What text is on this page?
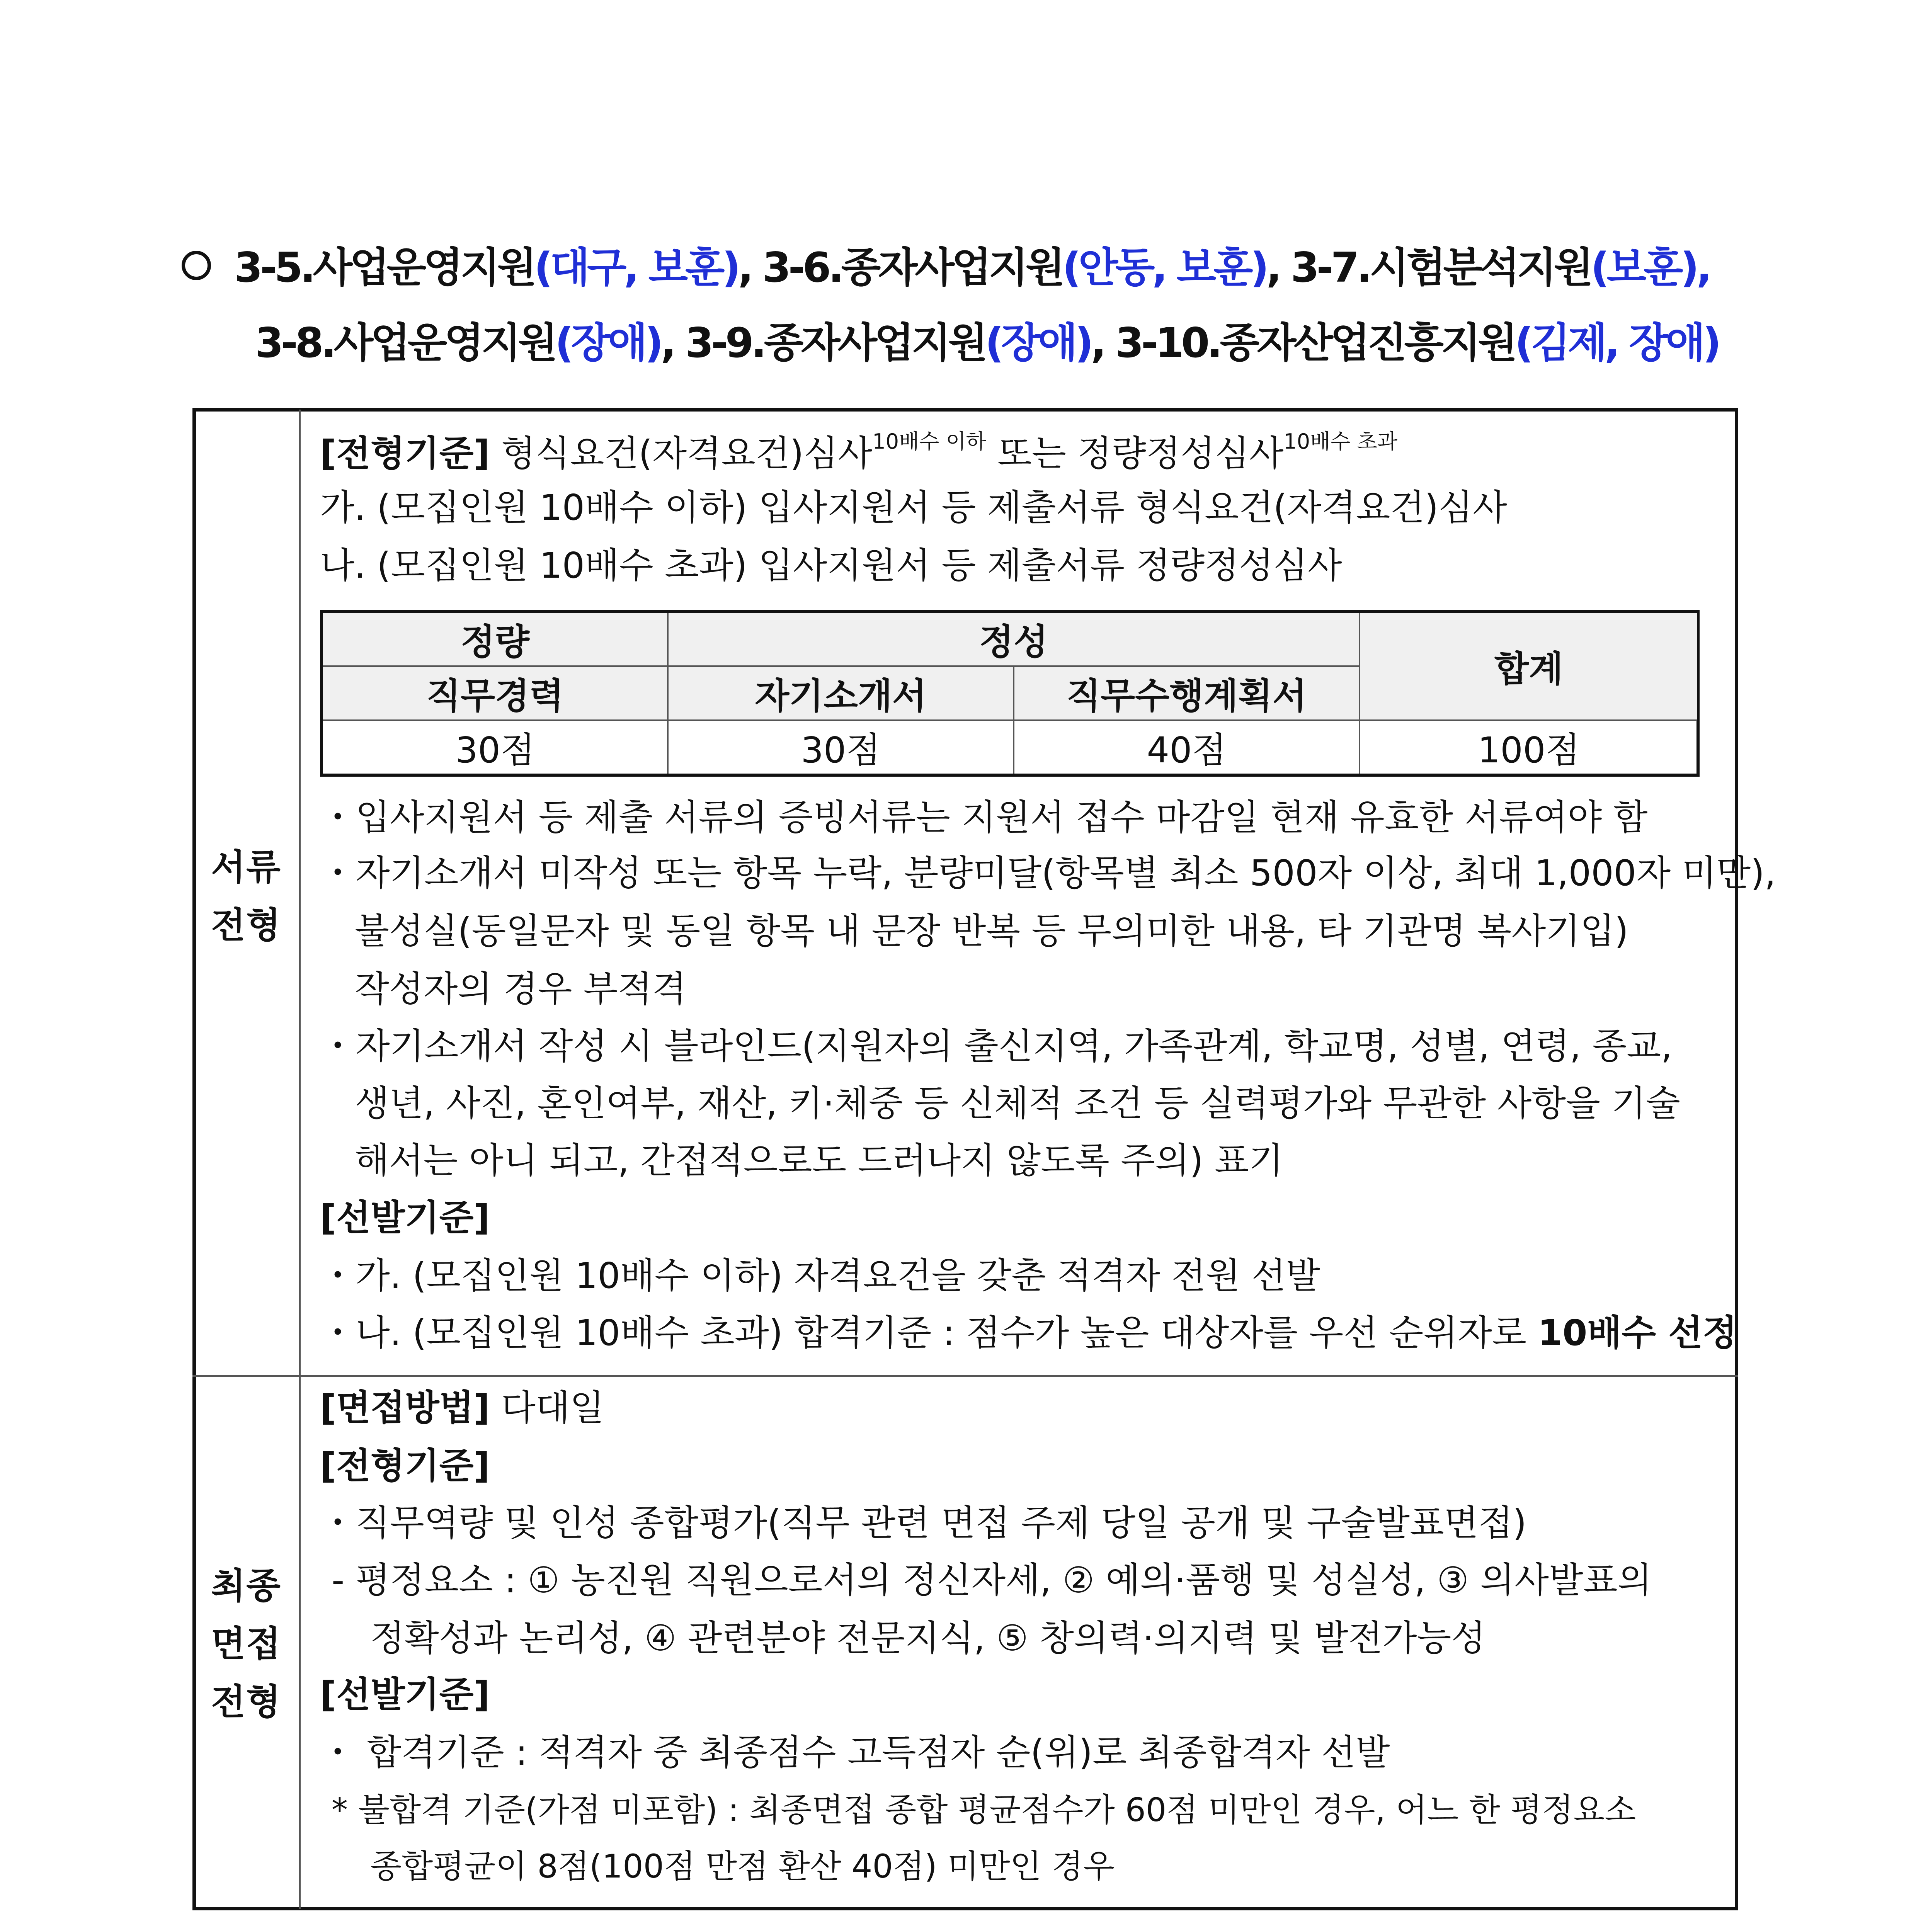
3-5.사업운영지원(대구, 보훈), 3-6.종자사업지원(안동, 보훈), 3-7.시험분석지원(보훈),
3-8.사업운영지원(장애), 3-9.종자사업지원(장애), 3-10.종자산업진흥지원(김제, 장애)
서류
전형
[전형기준] 형식요건(자격요건)심사$^{10배수 이하}$ 또는 정량정성심사$^{10배수 초과}$
가. (모집인원 10배수 이하) 입사지원서 등 제출서류 형식요건(자격요건)심사
나. (모집인원 10배수 초과) 입사지원서 등 제출서류 정량정성심사
정량	정성
합계
직무경력	자기소개서	직무수행계획서
30점	30점	40점	100점
・입사지원서 등 제출 서류의 증빙서류는 지원서 접수 마감일 현재 유효한 서류여야 함
・자기소개서 미작성 또는 항목 누락, 분량미달(항목별 최소 500자 이상, 최대 1,000자 미만),
불성실(동일문자 및 동일 항목 내 문장 반복 등 무의미한 내용, 타 기관명 복사기입)
작성자의 경우 부적격
・자기소개서 작성 시 블라인드(지원자의 출신지역, 가족관계, 학교명, 성별, 연령, 종교,
생년, 사진, 혼인여부, 재산, 키·체중 등 신체적 조건 등 실력평가와 무관한 사항을 기술
해서는 아니 되고, 간접적으로도 드러나지 않도록 주의) 표기
[선발기준]
・가. (모집인원 10배수 이하) 자격요건을 갖춘 적격자 전원 선발
・나. (모집인원 10배수 초과) 합격기준 : 점수가 높은 대상자를 우선 순위자로 10배수 선정
최종
면접
전형
[면접방법] 다대일
[전형기준]
・직무역량 및 인성 종합평가(직무 관련 면접 주제 당일 공개 및 구술발표면접)
- 평정요소 : ① 농진원 직원으로서의 정신자세, ② 예의·품행 및 성실성, ③ 의사발표의
정확성과 논리성, ④ 관련분야 전문지식, ⑤ 창의력·의지력 및 발전가능성
[선발기준]
・ 합격기준 : 적격자 중 최종점수 고득점자 순(위)로 최종합격자 선발
* 불합격 기준(가점 미포함) : 최종면접 종합 평균점수가 60점 미만인 경우, 어느 한 평정요소
종합평균이 8점(100점 만점 환산 40점) 미만인 경우
